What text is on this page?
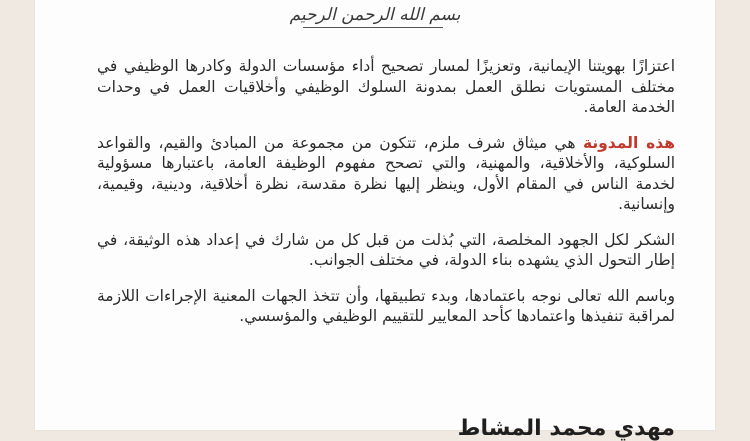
بسم الله الرحمن الرحيم

اعتزازًا بهويتنا الإيمانية، وتعزيزًا لمسار تصحيح أداء مؤسسات الدولة وكادرها الوظيفي في مختلف المستويات نطلق العمل بمدونة السلوك الوظيفي وأخلاقيات العمل في وحدات الخدمة العامة.

هذه المدونة هي ميثاق شرف ملزم، تتكون من مجموعة من المبادئ والقيم، والقواعد السلوكية، والأخلاقية، والمهنية، والتي تصحح مفهوم الوظيفة العامة، باعتبارها مسؤولية لخدمة الناس في المقام الأول، وينظر إليها نظرة مقدسة، نظرة أخلاقية، ودينية، وقيمية، وإنسانية.

الشكر لكل الجهود المخلصة، التي بُذلت من قبل كل من شارك في إعداد هذه الوثيقة، في إطار التحول الذي يشهده بناء الدولة، في مختلف الجوانب.

وباسم الله تعالى نوجه باعتمادها، وبدء تطبيقها، وأن تتخذ الجهات المعنية الإجراءات اللازمة لمراقبة تنفيذها واعتمادها كأحد المعايير للتقييم الوظيفي والمؤسسي.

مهدي محمد المشاط
